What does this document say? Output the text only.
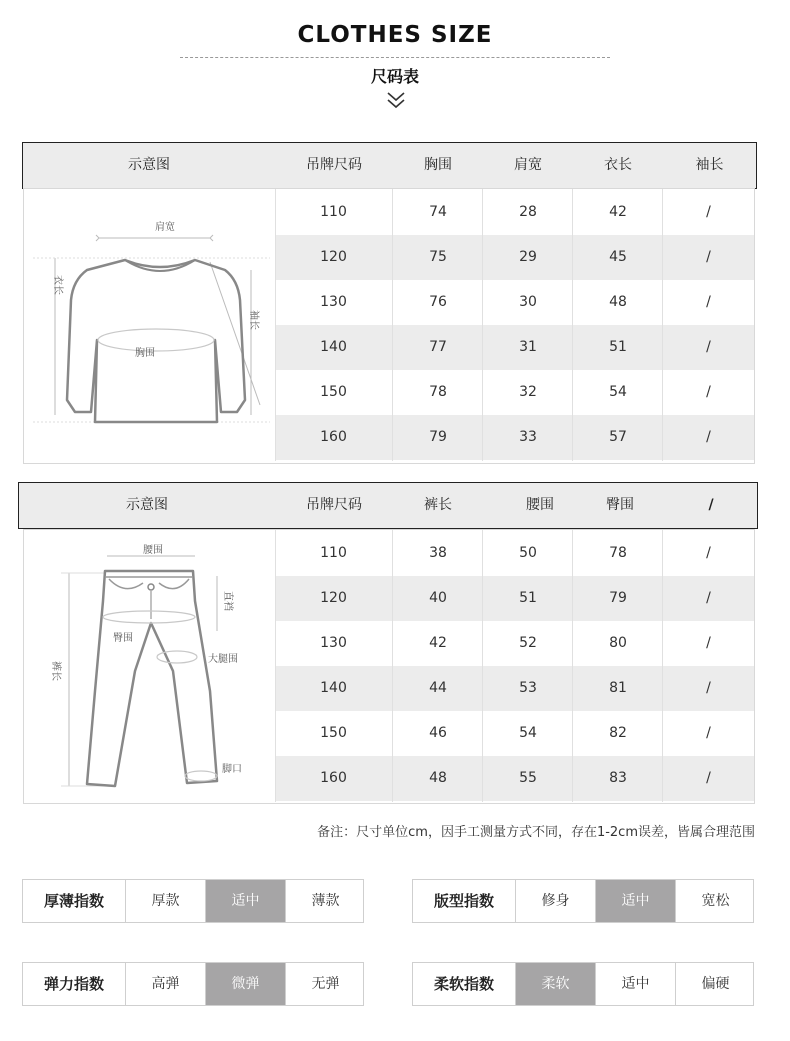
CLOTHES SIZE
尺码表
示意图	吊牌尺码	胸围	肩宽	衣长	袖长
肩宽
胸围
衣长
袖长
110	74	28	42	/
120	75	29	45	/
130	76	30	48	/
140	77	31	51	/
150	78	32	54	/
160	79	33	57	/
示意图	吊牌尺码	裤长	腰围	臀围	/
腰围
直裆
臀围
大腿围
裤长
脚口
110	38	50	78	/
120	40	51	79	/
130	42	52	80	/
140	44	53	81	/
150	46	54	82	/
160	48	55	83	/
备注：尺寸单位cm，因手工测量方式不同，存在1-2cm误差，皆属合理范围
厚薄指数	厚款	适中	薄款	版型指数	修身	适中	宽松
弹力指数	高弹	微弹	无弹	柔软指数	柔软	适中	偏硬
